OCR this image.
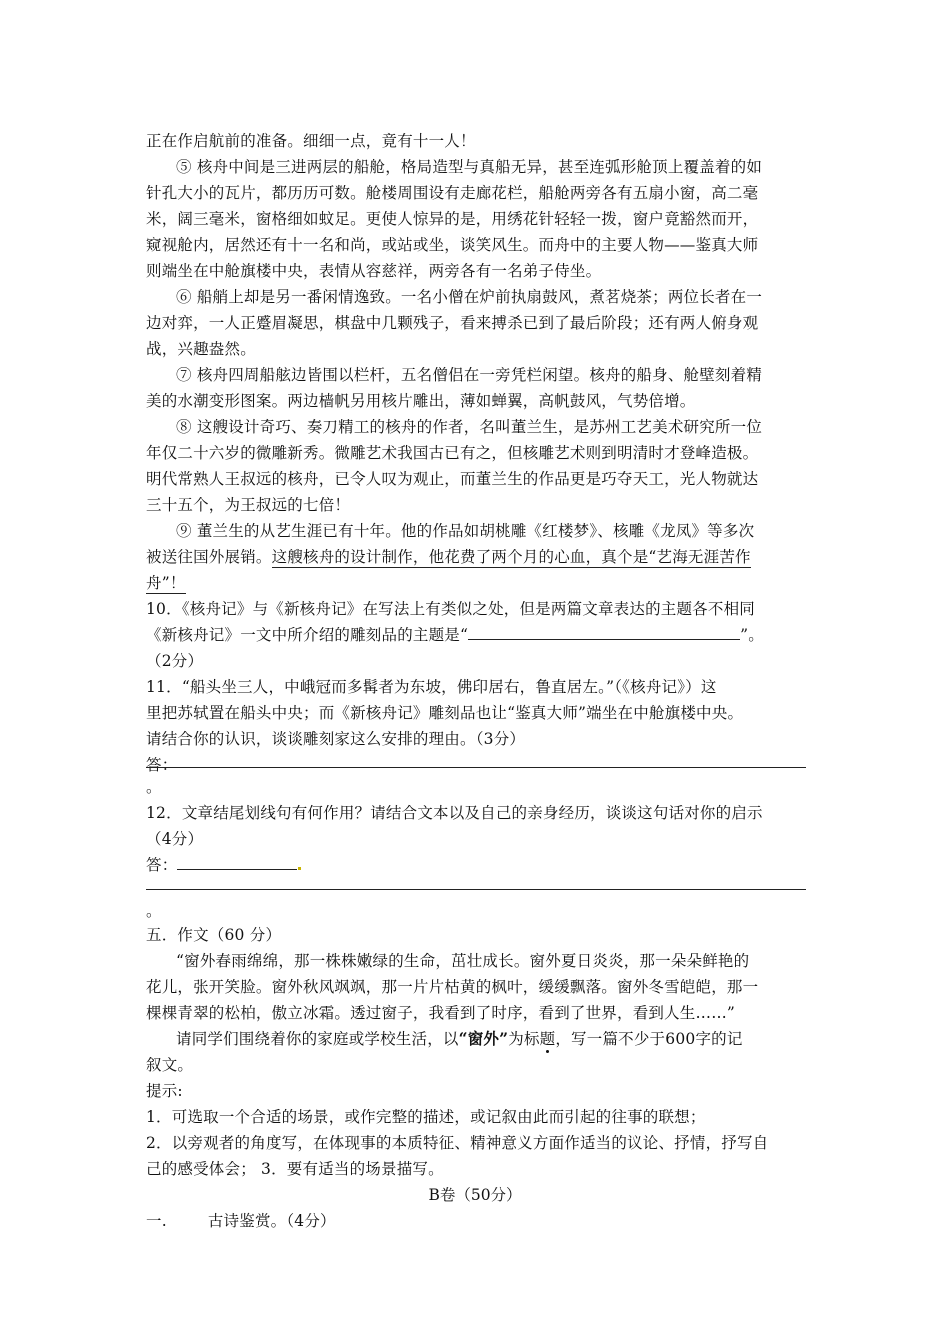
正在作启航前的准备。细细一点，竟有十一人！
⑤ 核舟中间是三进两层的船舱，格局造型与真船无异，甚至连弧形舱顶上覆盖着的如
针孔大小的瓦片，都历历可数。舱楼周围设有走廊花栏，船舱两旁各有五扇小窗，高二毫
米，阔三毫米，窗格细如蚊足。更使人惊异的是，用绣花针轻轻一拨，窗户竟豁然而开，
窥视舱内，居然还有十一名和尚，或站或坐，谈笑风生。而舟中的主要人物——鉴真大师
则端坐在中舱旗楼中央，表情从容慈祥，两旁各有一名弟子侍坐。
⑥ 船艄上却是另一番闲情逸致。一名小僧在炉前执扇鼓风，煮茗烧茶；两位长者在一
边对弈，一人正蹙眉凝思，棋盘中几颗残子，看来搏杀已到了最后阶段；还有两人俯身观
战，兴趣盎然。
⑦ 核舟四周船舷边皆围以栏杆，五名僧侣在一旁凭栏闲望。核舟的船身、舱壁刻着精
美的水潮变形图案。两边樯帆另用核片雕出，薄如蝉翼，高帆鼓风，气势倍增。
⑧ 这艘设计奇巧、奏刀精工的核舟的作者，名叫董兰生，是苏州工艺美术研究所一位
年仅二十六岁的微雕新秀。微雕艺术我国古已有之，但核雕艺术则到明清时才登峰造极。
明代常熟人王叔远的核舟，已令人叹为观止，而董兰生的作品更是巧夺天工，光人物就达
三十五个，为王叔远的七倍！
⑨ 董兰生的从艺生涯已有十年。他的作品如胡桃雕《红楼梦》、核雕《龙凤》等多次
被送往国外展销。这艘核舟的设计制作，他花费了两个月的心血，真个是“艺海无涯苦作
舟”！
10．《核舟记》与《新核舟记》在写法上有类似之处，但是两篇文章表达的主题各不相同
《新核舟记》一文中所介绍的雕刻品的主题是“	”。
（2分）
11．“船头坐三人，中峨冠而多髯者为东坡，佛印居右，鲁直居左。”（《核舟记》）这
里把苏轼置在船头中央；而《新核舟记》雕刻品也让“鉴真大师”端坐在中舱旗楼中央。
请结合你的认识，谈谈雕刻家这么安排的理由。（3分）
答：
。
12．文章结尾划线句有何作用？请结合文本以及自己的亲身经历，谈谈这句话对你的启示
（4分）
答：
。
五．作文（60 分）
“窗外春雨绵绵，那一株株嫩绿的生命，茁壮成长。窗外夏日炎炎，那一朵朵鲜艳的
花儿，张开笑脸。窗外秋风飒飒，那一片片枯黄的枫叶，缓缓飘落。窗外冬雪皑皑，那一
棵棵青翠的松柏，傲立冰霜。透过窗子，我看到了时序，看到了世界，看到人生……”
请同学们围绕着你的家庭或学校生活，以“窗外”为标题，写一篇不少于600字的记
叙文。
提示:
1．可选取一个合适的场景，或作完整的描述，或记叙由此而引起的往事的联想；
2．以旁观者的角度写，在体现事的本质特征、精神意义方面作适当的议论、抒情，抒写自
己的感受体会； 3．要有适当的场景描写。
B卷（50分）
一.        古诗鉴赏。（4分）
